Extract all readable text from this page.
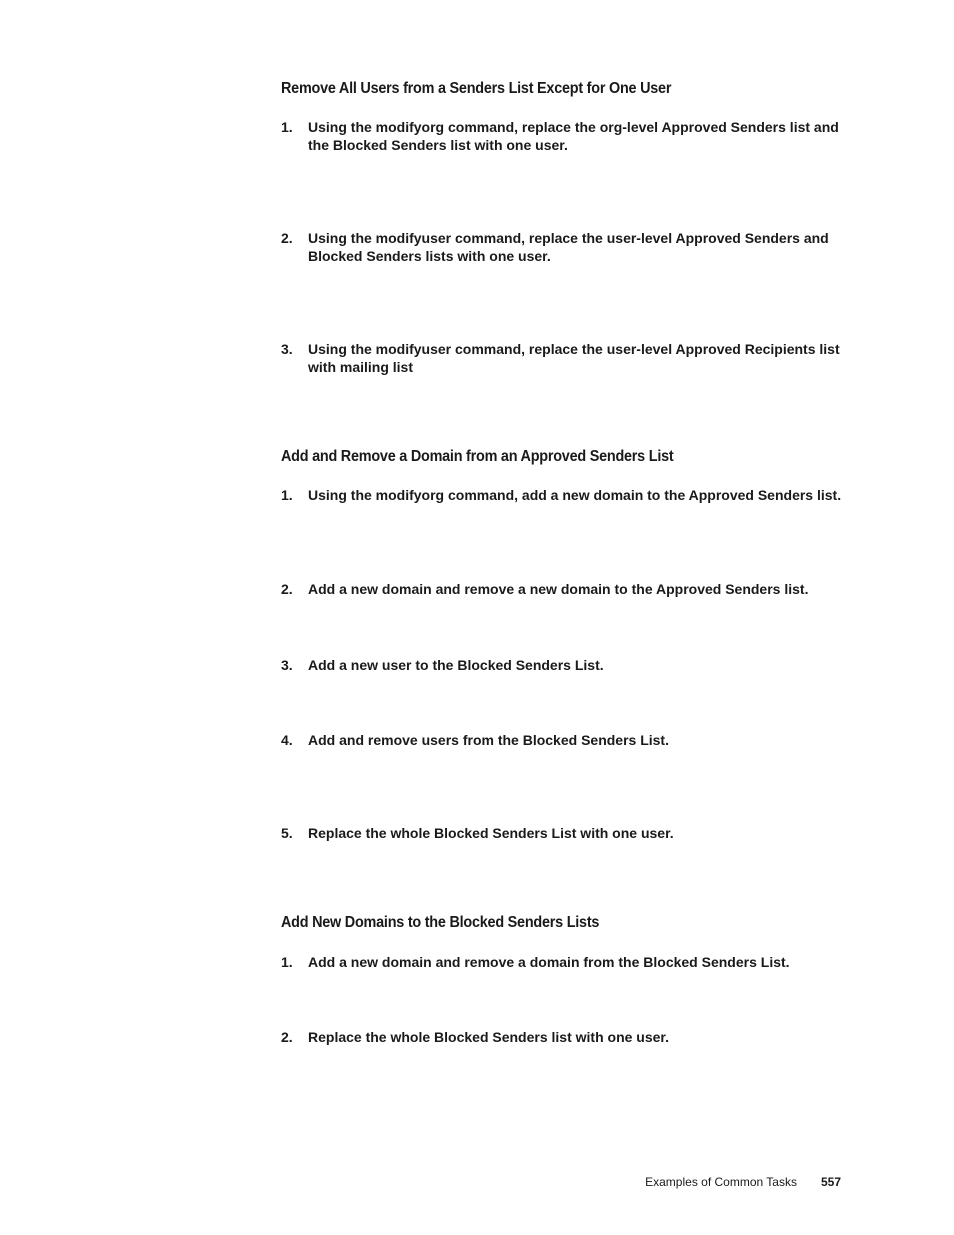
Remove All Users from a Senders List Except for One User
1. Using the modifyorg command, replace the org-level Approved Senders list and the Blocked Senders list with one user.
2. Using the modifyuser command, replace the user-level Approved Senders and Blocked Senders lists with one user.
3. Using the modifyuser command, replace the user-level Approved Recipients list with mailing list
Add and Remove a Domain from an Approved Senders List
1. Using the modifyorg command, add a new domain to the Approved Senders list.
2. Add a new domain and remove a new domain to the Approved Senders list.
3. Add a new user to the Blocked Senders List.
4. Add and remove users from the Blocked Senders List.
5. Replace the whole Blocked Senders List with one user.
Add New Domains to the Blocked Senders Lists
1. Add a new domain and remove a domain from the Blocked Senders List.
2. Replace the whole Blocked Senders list with one user.
Examples of Common Tasks 557
